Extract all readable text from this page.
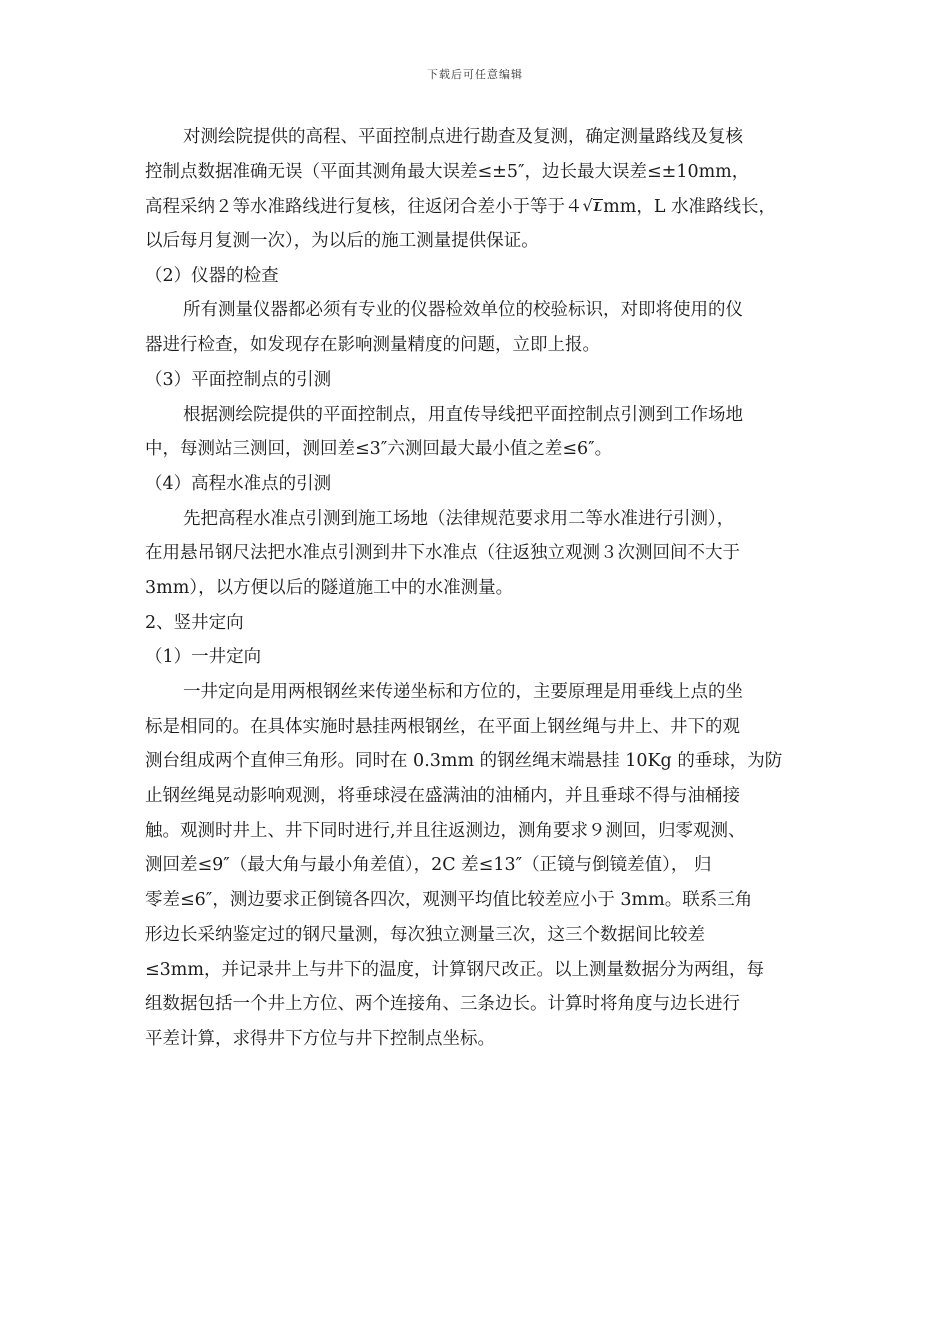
下载后可任意编辑
对测绘院提供的高程、平面控制点进行勘查及复测，确定测量路线及复核
控制点数据准确无误（平面其测角最大误差≤±5″，边长最大误差≤±10mm，
高程采纳２等水准路线进行复核，往返闭合差小于等于４√Lmm，L 水准路线长，
以后每月复测一次），为以后的施工测量提供保证。
（2）仪器的检查
所有测量仪器都必须有专业的仪器检效单位的校验标识，对即将使用的仪
器进行检查，如发现存在影响测量精度的问题，立即上报。
（3）平面控制点的引测
根据测绘院提供的平面控制点，用直传导线把平面控制点引测到工作场地
中，每测站三测回，测回差≤3″六测回最大最小值之差≤6″。
（4）高程水准点的引测
先把高程水准点引测到施工场地（法律规范要求用二等水准进行引测），
在用悬吊钢尺法把水准点引测到井下水准点（往返独立观测３次测回间不大于
3mm），以方便以后的隧道施工中的水准测量。
2、竖井定向
（1）一井定向
一井定向是用两根钢丝来传递坐标和方位的，主要原理是用垂线上点的坐
标是相同的。在具体实施时悬挂两根钢丝，在平面上钢丝绳与井上、井下的观
测台组成两个直伸三角形。同时在 0.3mm 的钢丝绳末端悬挂 10Kg 的垂球，为防
止钢丝绳晃动影响观测，将垂球浸在盛满油的油桶内，并且垂球不得与油桶接
触。观测时井上、井下同时进行,并且往返测边，测角要求９测回，归零观测、
测回差≤9″（最大角与最小角差值），2C 差≤13″（正镜与倒镜差值）， 归
零差≤6″，测边要求正倒镜各四次，观测平均值比较差应小于 3mm。联系三角
形边长采纳鉴定过的钢尺量测，每次独立测量三次，这三个数据间比较差
≤3mm，并记录井上与井下的温度，计算钢尺改正。以上测量数据分为两组，每
组数据包括一个井上方位、两个连接角、三条边长。计算时将角度与边长进行
平差计算，求得井下方位与井下控制点坐标。
